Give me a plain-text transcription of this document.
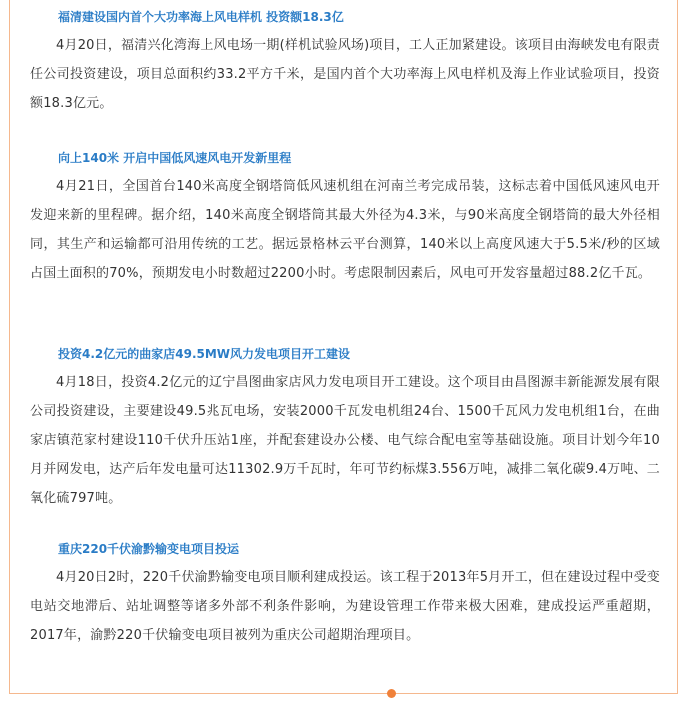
福清建设国内首个大功率海上风电样机 投资额18.3亿

4月20日，福清兴化湾海上风电场一期(样机试验风场)项目，工人正加紧建设。该项目由海峡发电有限责任公司投资建设，项目总面积约33.2平方千米，是国内首个大功率海上风电样机及海上作业试验项目，投资额18.3亿元。

向上140米 开启中国低风速风电开发新里程

4月21日，全国首台140米高度全钢塔筒低风速机组在河南兰考完成吊装，这标志着中国低风速风电开发迎来新的里程碑。据介绍，140米高度全钢塔筒其最大外径为4.3米，与90米高度全钢塔筒的最大外径相同，其生产和运输都可沿用传统的工艺。据远景格林云平台测算，140米以上高度风速大于5.5米/秒的区域占国土面积的70%，预期发电小时数超过2200小时。考虑限制因素后，风电可开发容量超过88.2亿千瓦。

投资4.2亿元的曲家店49.5MW风力发电项目开工建设

4月18日，投资4.2亿元的辽宁昌图曲家店风力发电项目开工建设。这个项目由昌图源丰新能源发展有限公司投资建设，主要建设49.5兆瓦电场，安装2000千瓦发电机组24台、1500千瓦风力发电机组1台，在曲家店镇范家村建设110千伏升压站1座，并配套建设办公楼、电气综合配电室等基础设施。项目计划今年10月并网发电，达产后年发电量可达11302.9万千瓦时，年可节约标煤3.556万吨，减排二氧化碳9.4万吨、二氧化硫797吨。

重庆220千伏渝黔输变电项目投运

4月20日2时，220千伏渝黔输变电项目顺利建成投运。该工程于2013年5月开工，但在建设过程中受变电站交地滞后、站址调整等诸多外部不利条件影响，为建设管理工作带来极大困难，建成投运严重超期，2017年，渝黔220千伏输变电项目被列为重庆公司超期治理项目。
